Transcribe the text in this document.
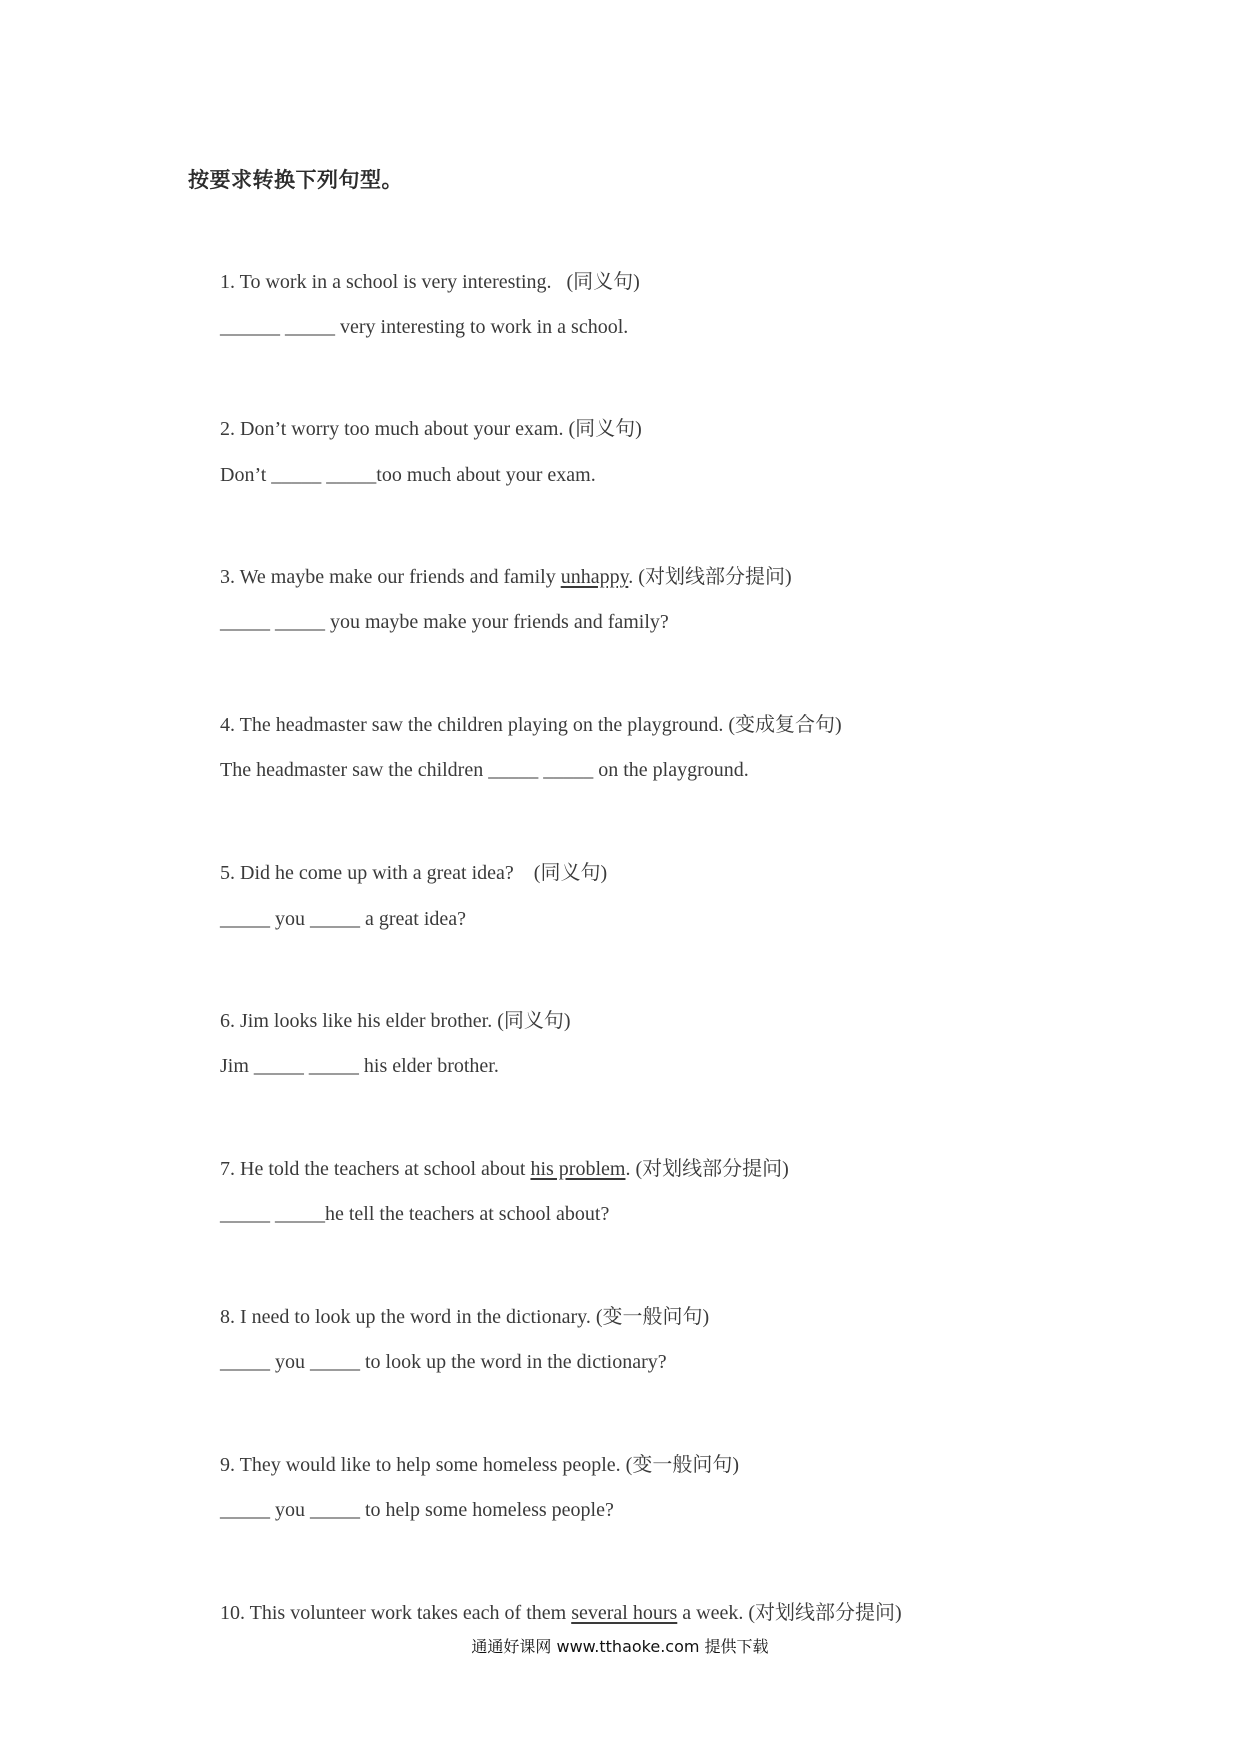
按要求转换下列句型。

1. To work in a school is very interesting.   (同义句)

______ _____ very interesting to work in a school.

2. Don’t worry too much about your exam. (同义句)

Don’t _____ _____too much about your exam.

3. We maybe make our friends and family unhappy. (对划线部分提问)

_____ _____ you maybe make your friends and family?

4. The headmaster saw the children playing on the playground. (变成复合句)

The headmaster saw the children _____ _____ on the playground.

5. Did he come up with a great idea?    (同义句)

_____ you _____ a great idea?

6. Jim looks like his elder brother. (同义句)

Jim _____ _____ his elder brother.

7. He told the teachers at school about his problem. (对划线部分提问)

_____ _____he tell the teachers at school about?

8. I need to look up the word in the dictionary. (变一般问句)

_____ you _____ to look up the word in the dictionary?

9. They would like to help some homeless people. (变一般问句)

_____ you _____ to help some homeless people?

10. This volunteer work takes each of them several hours a week. (对划线部分提问)

通通好课网 www.tthaoke.com 提供下载
